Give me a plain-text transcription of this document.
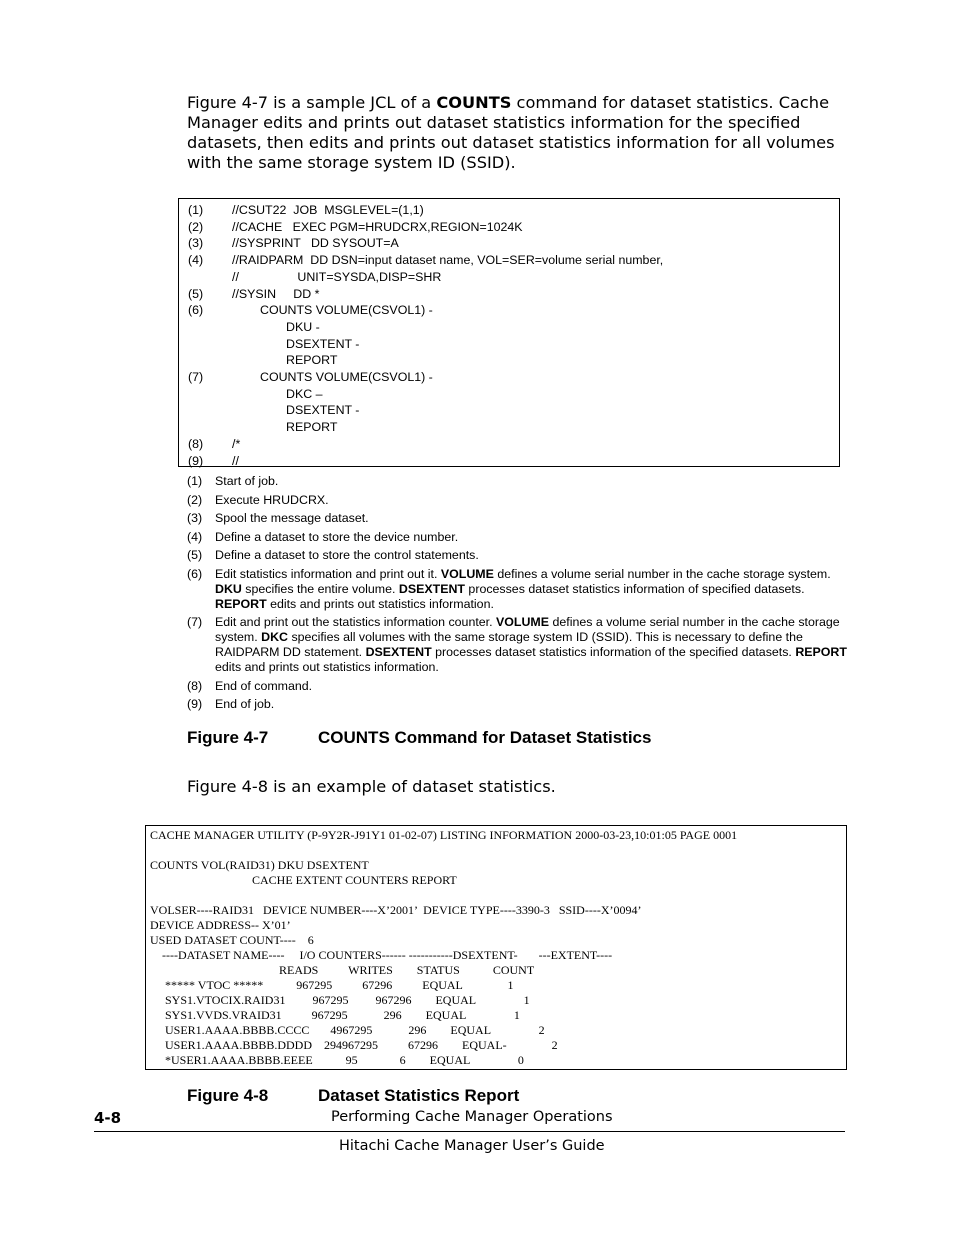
Figure 4-7 is a sample JCL of a COUNTS command for dataset statistics. Cache Manager edits and prints out dataset statistics information for the specified datasets, then edits and prints out dataset statistics information for all volumes with the same storage system ID (SSID).
(1) //CSUT22  JOB  MSGLEVEL=(1,1)
(2) //CACHE   EXEC PGM=HRUDCRX,REGION=1024K
(3) //SYSPRINT   DD SYSOUT=A
(4) //RAIDPARM  DD DSN=input dataset name, VOL=SER=volume serial number,
//                 UNIT=SYSDA,DISP=SHR
(5) //SYSIN     DD *
(6)	COUNTS VOLUME(CSVOL1) -
DKU -
DSEXTENT -
REPORT
(7)	COUNTS VOLUME(CSVOL1) -
DKC –
DSEXTENT -
REPORT
(8) /*
(9) //
(1) Start of job.
(2) Execute HRUDCRX.
(3) Spool the message dataset.
(4) Define a dataset to store the device number.
(5) Define a dataset to store the control statements.
(6) Edit statistics information and print out it. VOLUME defines a volume serial number in the cache storage system. DKU specifies the entire volume. DSEXTENT processes dataset statistics information of specified datasets. REPORT edits and prints out statistics information.
(7) Edit and print out the statistics information counter. VOLUME defines a volume serial number in the cache storage system. DKC specifies all volumes with the same storage system ID (SSID). This is necessary to define the RAIDPARM DD statement. DSEXTENT processes dataset statistics information of the specified datasets. REPORT edits and prints out statistics information.
(8) End of command.
(9) End of job.
Figure 4-7	COUNTS Command for Dataset Statistics
Figure 4-8 is an example of dataset statistics.
CACHE MANAGER UTILITY (P-9Y2R-J91Y1 01-02-07) LISTING INFORMATION 2000-03-23,10:01:05 PAGE 0001
COUNTS VOL(RAID31) DKU DSEXTENT
CACHE EXTENT COUNTERS REPORT
VOLSER----RAID31   DEVICE NUMBER----X’2001’  DEVICE TYPE----3390-3   SSID----X’0094’
DEVICE ADDRESS-- X’01’
USED DATASET COUNT----    6
----DATASET NAME----     I/O COUNTERS------ -----------DSEXTENT-       ---EXTENT----
READS          WRITES        STATUS           COUNT
***** VTOC *****           967295          67296          EQUAL               1
SYS1.VTOCIX.RAID31         967295         967296        EQUAL                1
SYS1.VVDS.VRAID31          967295            296        EQUAL                1
USER1.AAAA.BBBB.CCCC       4967295            296        EQUAL                2
USER1.AAAA.BBBB.DDDD    294967295          67296        EQUAL-               2
*USER1.AAAA.BBBB.EEEE           95              6        EQUAL                0
Figure 4-8	Dataset Statistics Report
4-8	Performing Cache Manager Operations
Hitachi Cache Manager User’s Guide
